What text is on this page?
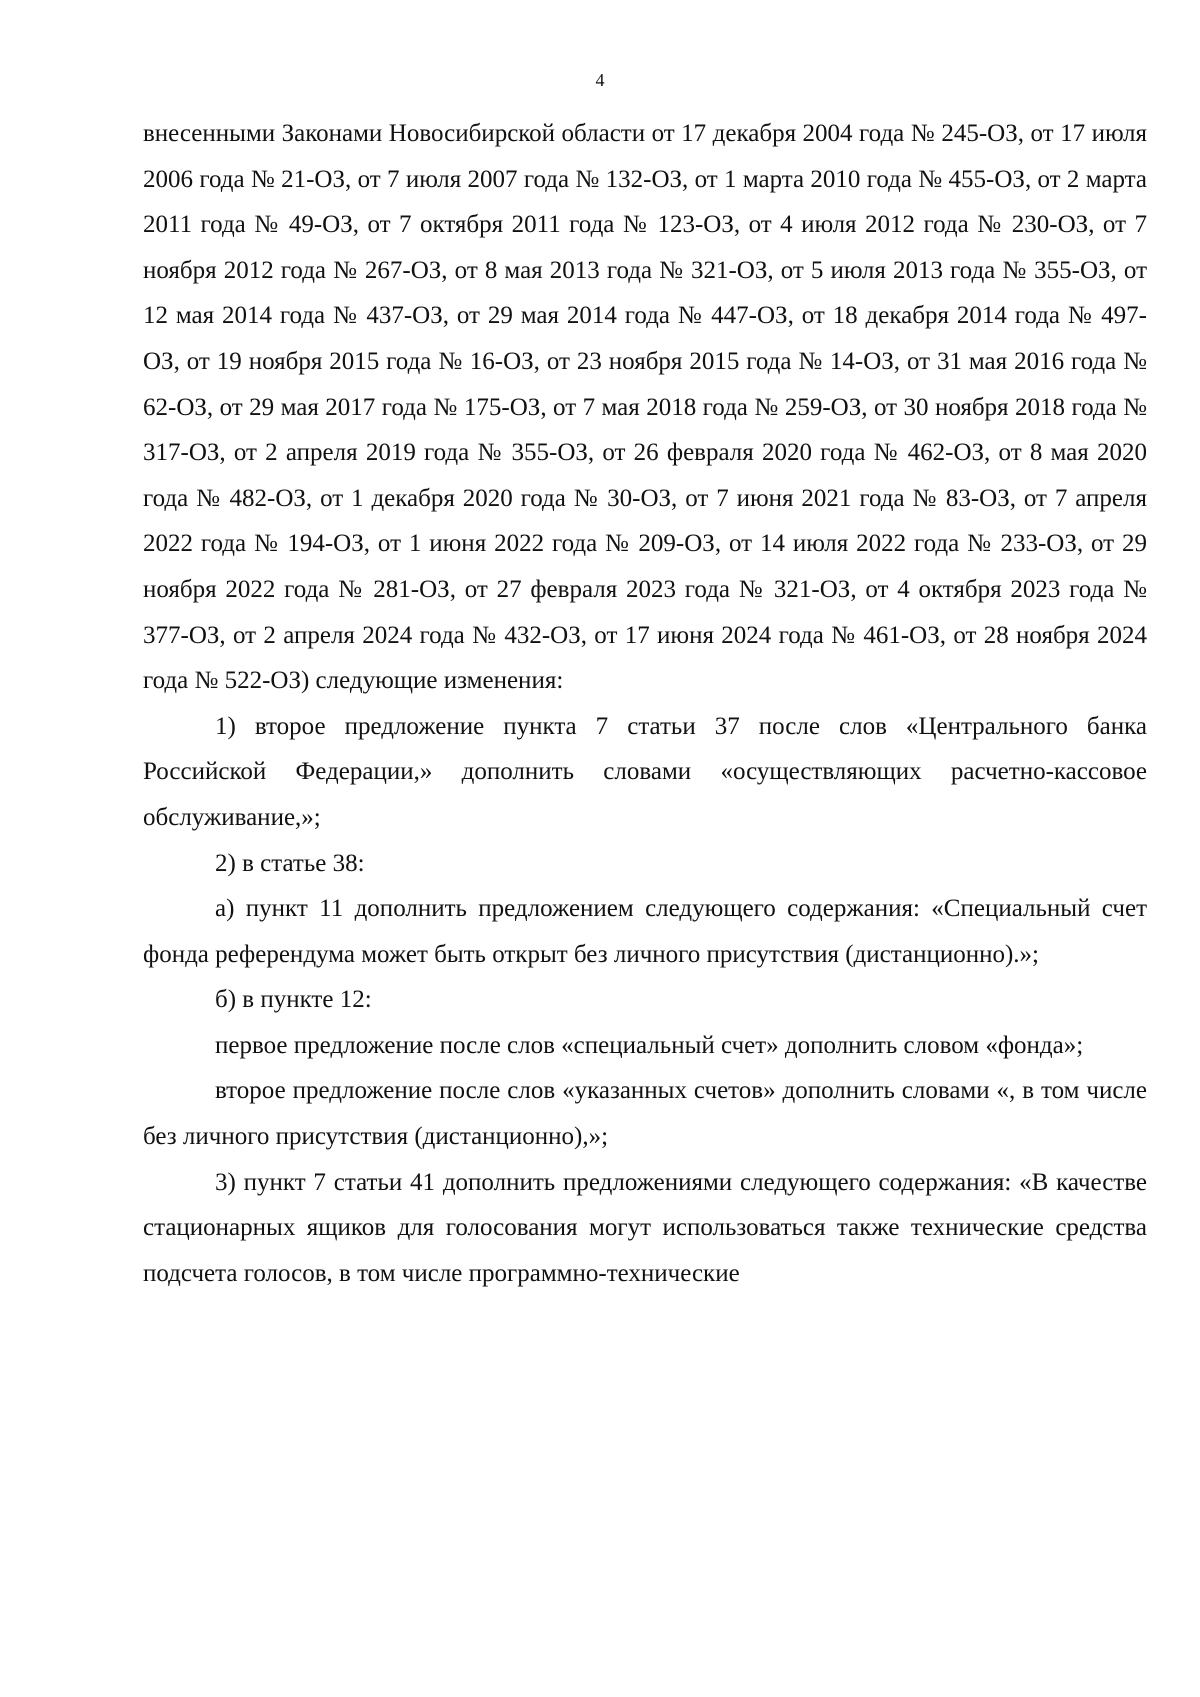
4

внесенными Законами Новосибирской области от 17 декабря 2004 года № 245-ОЗ, от 17 июля 2006 года № 21-ОЗ, от 7 июля 2007 года № 132-ОЗ, от 1 марта 2010 года № 455-ОЗ, от 2 марта 2011 года № 49-ОЗ, от 7 октября 2011 года № 123-ОЗ, от 4 июля 2012 года № 230-ОЗ, от 7 ноября 2012 года № 267-ОЗ, от 8 мая 2013 года № 321-ОЗ, от 5 июля 2013 года № 355-ОЗ, от 12 мая 2014 года № 437-ОЗ, от 29 мая 2014 года № 447-ОЗ, от 18 декабря 2014 года № 497-ОЗ, от 19 ноября 2015 года № 16-ОЗ, от 23 ноября 2015 года № 14-ОЗ, от 31 мая 2016 года № 62-ОЗ, от 29 мая 2017 года № 175-ОЗ, от 7 мая 2018 года № 259-ОЗ, от 30 ноября 2018 года № 317-ОЗ, от 2 апреля 2019 года № 355-ОЗ, от 26 февраля 2020 года № 462-ОЗ, от 8 мая 2020 года № 482-ОЗ, от 1 декабря 2020 года № 30-ОЗ, от 7 июня 2021 года № 83-ОЗ, от 7 апреля 2022 года № 194-ОЗ, от 1 июня 2022 года № 209-ОЗ, от 14 июля 2022 года № 233-ОЗ, от 29 ноября 2022 года № 281-ОЗ, от 27 февраля 2023 года № 321-ОЗ, от 4 октября 2023 года № 377-ОЗ, от 2 апреля 2024 года № 432-ОЗ, от 17 июня 2024 года № 461-ОЗ, от 28 ноября 2024 года № 522-ОЗ) следующие изменения:

1) второе предложение пункта 7 статьи 37 после слов «Центрального банка Российской Федерации,» дополнить словами «осуществляющих расчетно-кассовое обслуживание,»;

2) в статье 38:

а) пункт 11 дополнить предложением следующего содержания: «Специальный счет фонда референдума может быть открыт без личного присутствия (дистанционно).»;

б) в пункте 12:

первое предложение после слов «специальный счет» дополнить словом «фонда»;

второе предложение после слов «указанных счетов» дополнить словами «, в том числе без личного присутствия (дистанционно),»;

3) пункт 7 статьи 41 дополнить предложениями следующего содержания: «В качестве стационарных ящиков для голосования могут использоваться также технические средства подсчета голосов, в том числе программно-технические
